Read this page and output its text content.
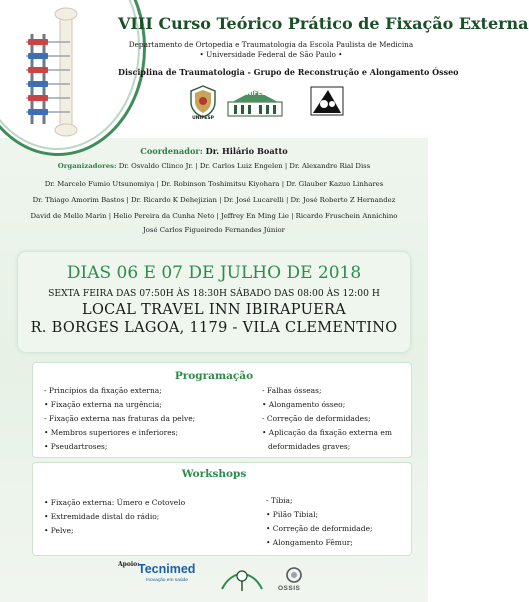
VIII Curso Teórico Prático de Fixação Externa
Departamento de Ortopedia e Traumatologia da Escola Paulista de Medicina
• Universidade Federal de São Paulo •
Disciplina de Traumatologia - Grupo de Reconstrução e Alongamento Ósseo
UNIFESP
UNIFESP
Coordenador: Dr. Hilário Boatto
Organizadores: Dr. Osvaldo Clinco Jr. | Dr. Carlos Luiz Engelen | Dr. Alexandre Rial Diss
Dr. Marcelo Fumio Utsunomiya | Dr. Robinson Toshimitsu Kiyohara | Dr. Glauber Kazuo Linhares
Dr. Thiago Amorim Bastos | Dr. Ricardo K Dehejizian | Dr. José Lucarelli | Dr. José Roberto Z Hernandez
David de Mello Marin | Helio Pereira da Cunha Neto | Jeffrey En Ming Lie | Ricardo Fruschein Annichino
José Carlos Figueiredo Fernandes Júnior
DIAS 06 E 07 DE JULHO DE 2018
SEXTA FEIRA DAS 07:50H ÀS 18:30H SÁBADO DAS 08:00 ÀS 12:00 H
LOCAL TRAVEL INN IBIRAPUERA
R. BORGES LAGOA, 1179 - VILA CLEMENTINO
Programação
- Princípios da fixação externa;
• Fixação externa na urgência;
- Fixação externa nas fraturas da pelve;
• Membros superiores e inferiores;
• Pseudartroses;
- Falhas ósseas;
• Alongamento ósseo;
- Correção de deformidades;
• Aplicação da fixação externa em
deformidades graves;
Workshops
• Fixação externa: Úmero e Cotovelo
• Extremidade distal do rádio;
• Pelve;
- Tíbia;
• Pilão Tibial;
• Correção de deformidade;
• Alongamento Fêmur;
Apoio:
Tecnimed
Inovação em saúde
OSSIS
